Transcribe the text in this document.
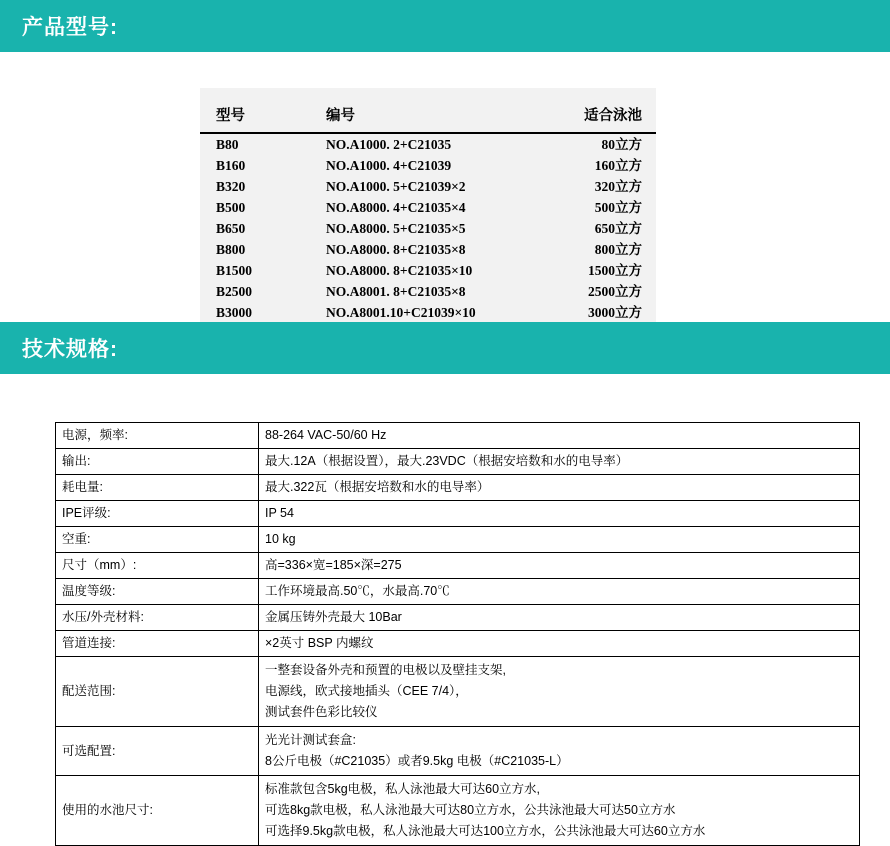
产品型号:
型号	编号	适合泳池
B80	NO.A1000. 2+C21035	80立方
B160	NO.A1000. 4+C21039	160立方
B320	NO.A1000. 5+C21039×2	320立方
B500	NO.A8000. 4+C21035×4	500立方
B650	NO.A8000. 5+C21035×5	650立方
B800	NO.A8000. 8+C21035×8	800立方
B1500	NO.A8000. 8+C21035×10	1500立方
B2500	NO.A8001. 8+C21035×8	2500立方
B3000	NO.A8001.10+C21039×10	3000立方
技术规格:
电源，频率:	88-264 VAC-50/60 Hz

输出:	最大.12A（根据设置），最大.23VDC（根据安培数和水的电导率）

耗电量:	最大.322瓦（根据安培数和水的电导率）

IPE评级:	IP 54

空重:	10 kg

尺寸（mm）:	高=336×宽=185×深=275

温度等级:	工作环境最高.50℃，水最高.70℃

水压/外壳材料:	金属压铸外壳最大 10Bar

管道连接:	×2英寸 BSP 内螺纹

配送范围:	一整套设备外壳和预置的电极以及壁挂支架,
电源线，欧式接地插头（CEE 7/4），
测试套件色彩比较仪

可选配置:	光光计测试套盒:
8公斤电极（#C21035）或者9.5kg 电极（#C21035-L）

使用的水池尺寸:	标准款包含5kg电极，私人泳池最大可达60立方水,
可选8kg款电极，私人泳池最大可达80立方水，公共泳池最大可达50立方水
可选择9.5kg款电极，私人泳池最大可达100立方水，公共泳池最大可达60立方水
